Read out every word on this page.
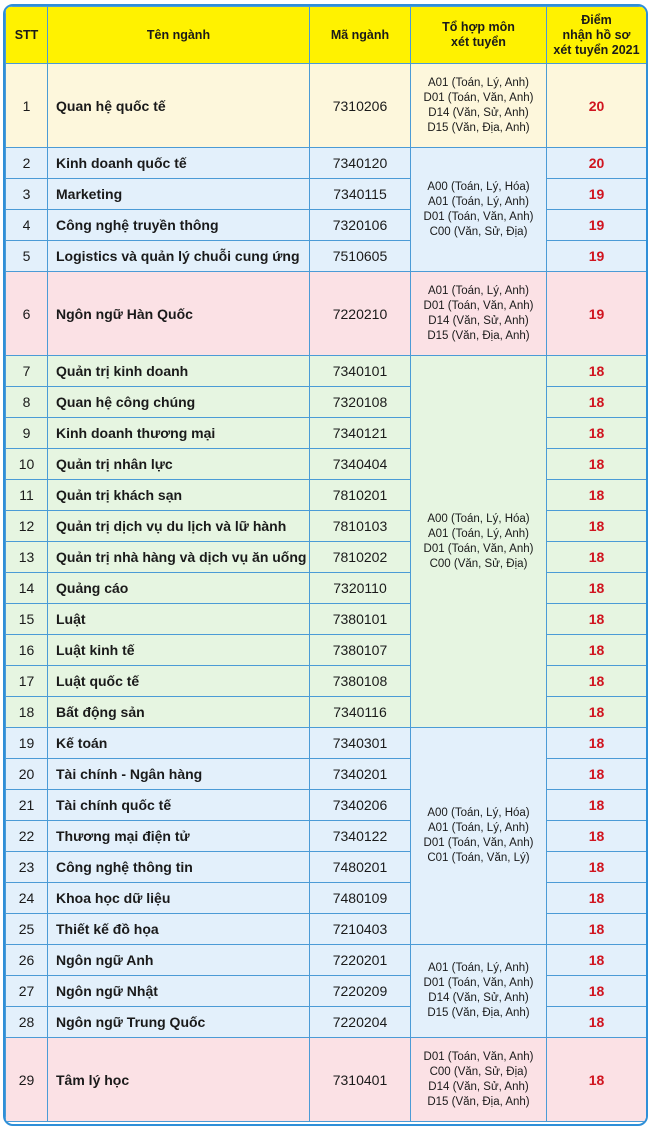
STT	Tên ngành	Mã ngành	Tổ hợp môn
xét tuyển	Điểm
nhận hồ sơ
xét tuyển 2021

1	Quan hệ quốc tế	7310206	A01 (Toán, Lý, Anh)
D01 (Toán, Văn, Anh)
D14 (Văn, Sử, Anh)
D15 (Văn, Địa, Anh)	20
2	Kinh doanh quốc tế	7340120	A00 (Toán, Lý, Hóa)
A01 (Toán, Lý, Anh)
D01 (Toán, Văn, Anh)
C00 (Văn, Sử, Địa)	20
3	Marketing	7340115		19
4	Công nghệ truyền thông	7320106		19
5	Logistics và quản lý chuỗi cung ứng	7510605		19
6	Ngôn ngữ Hàn Quốc	7220210	A01 (Toán, Lý, Anh)
D01 (Toán, Văn, Anh)
D14 (Văn, Sử, Anh)
D15 (Văn, Địa, Anh)	19
7	Quản trị kinh doanh	7340101	A00 (Toán, Lý, Hóa)
A01 (Toán, Lý, Anh)
D01 (Toán, Văn, Anh)
C00 (Văn, Sử, Địa)	18
8	Quan hệ công chúng	7320108		18
9	Kinh doanh thương mại	7340121		18
10	Quản trị nhân lực	7340404		18
11	Quản trị khách sạn	7810201		18
12	Quản trị dịch vụ du lịch và lữ hành	7810103		18
13	Quản trị nhà hàng và dịch vụ ăn uống	7810202		18
14	Quảng cáo	7320110		18
15	Luật	7380101		18
16	Luật kinh tế	7380107		18
17	Luật quốc tế	7380108		18
18	Bất động sản	7340116		18
19	Kế toán	7340301	A00 (Toán, Lý, Hóa)
A01 (Toán, Lý, Anh)
D01 (Toán, Văn, Anh)
C01 (Toán, Văn, Lý)	18
20	Tài chính - Ngân hàng	7340201		18
21	Tài chính quốc tế	7340206		18
22	Thương mại điện tử	7340122		18
23	Công nghệ thông tin	7480201		18
24	Khoa học dữ liệu	7480109		18
25	Thiết kế đồ họa	7210403		18
26	Ngôn ngữ Anh	7220201	A01 (Toán, Lý, Anh)
D01 (Toán, Văn, Anh)
D14 (Văn, Sử, Anh)
D15 (Văn, Địa, Anh)	18
27	Ngôn ngữ Nhật	7220209		18
28	Ngôn ngữ Trung Quốc	7220204		18
29	Tâm lý học	7310401	D01 (Toán, Văn, Anh)
C00 (Văn, Sử, Địa)
D14 (Văn, Sử, Anh)
D15 (Văn, Địa, Anh)	18
